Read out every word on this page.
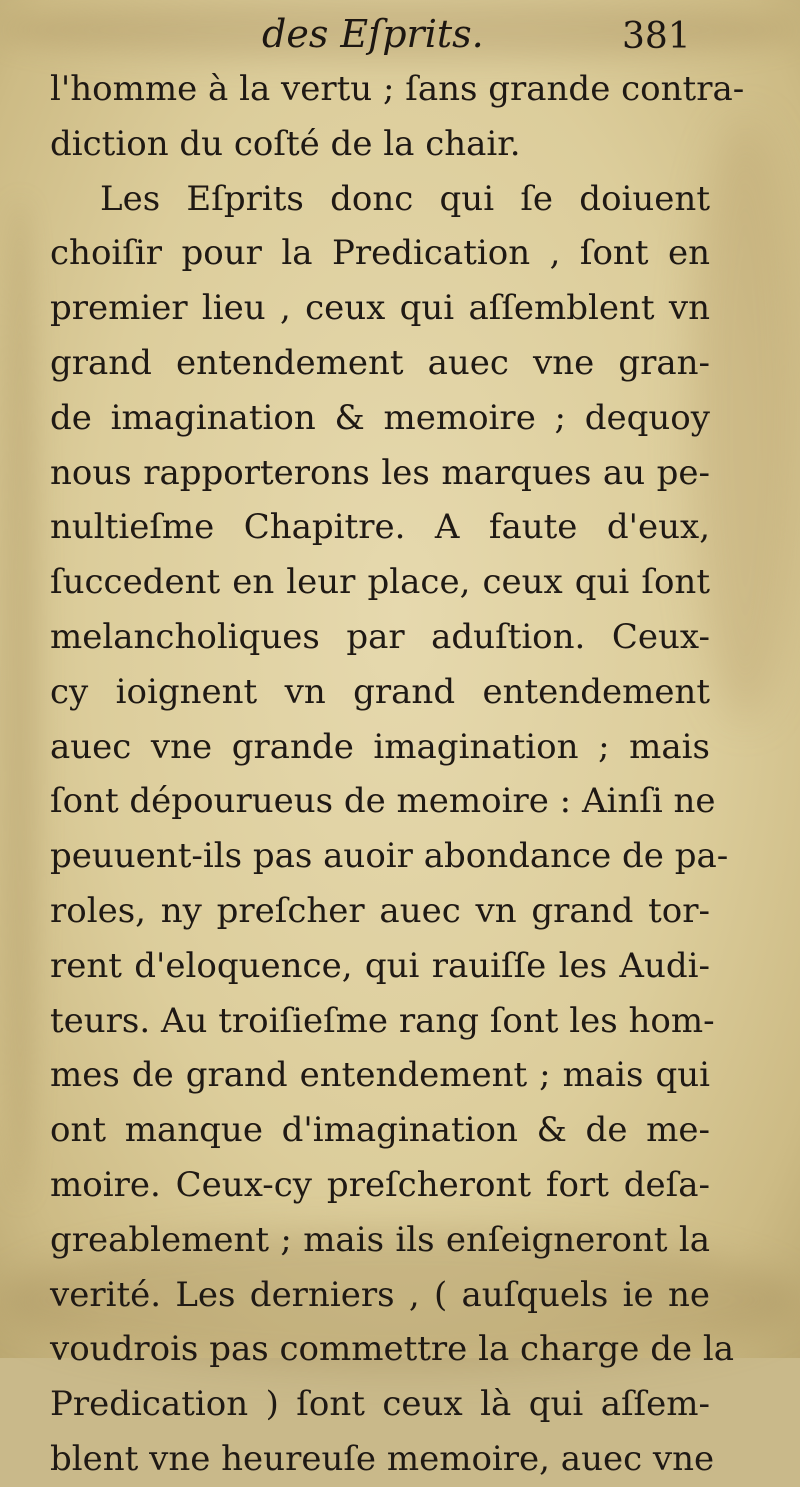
des Eſprits.	381
l'homme à la vertu ; ſans grande contra-
diction du coſté de la chair.
Les Eſprits donc qui ſe doiuent
choiſir pour la Predication , ſont en
premier lieu , ceux qui aſſemblent vn
grand entendement auec vne gran-
de imagination & memoire ; dequoy
nous rapporterons les marques au pe-
nultieſme Chapitre. A faute d'eux,
ſuccedent en leur place, ceux qui ſont
melancholiques par aduſtion. Ceux-
cy ioignent vn grand entendement
auec vne grande imagination ; mais
ſont dépourueus de memoire : Ainſi ne
peuuent-ils pas auoir abondance de pa-
roles, ny preſcher auec vn grand tor-
rent d'eloquence, qui rauiſſe les Audi-
teurs. Au troiſieſme rang ſont les hom-
mes de grand entendement ; mais qui
ont manque d'imagination & de me-
moire. Ceux-cy preſcheront fort deſa-
greablement ; mais ils enſeigneront la
verité. Les derniers , ( auſquels ie ne
voudrois pas commettre la charge de la
Predication ) ſont ceux là qui aſſem-
blent vne heureuſe memoire, auec vne
